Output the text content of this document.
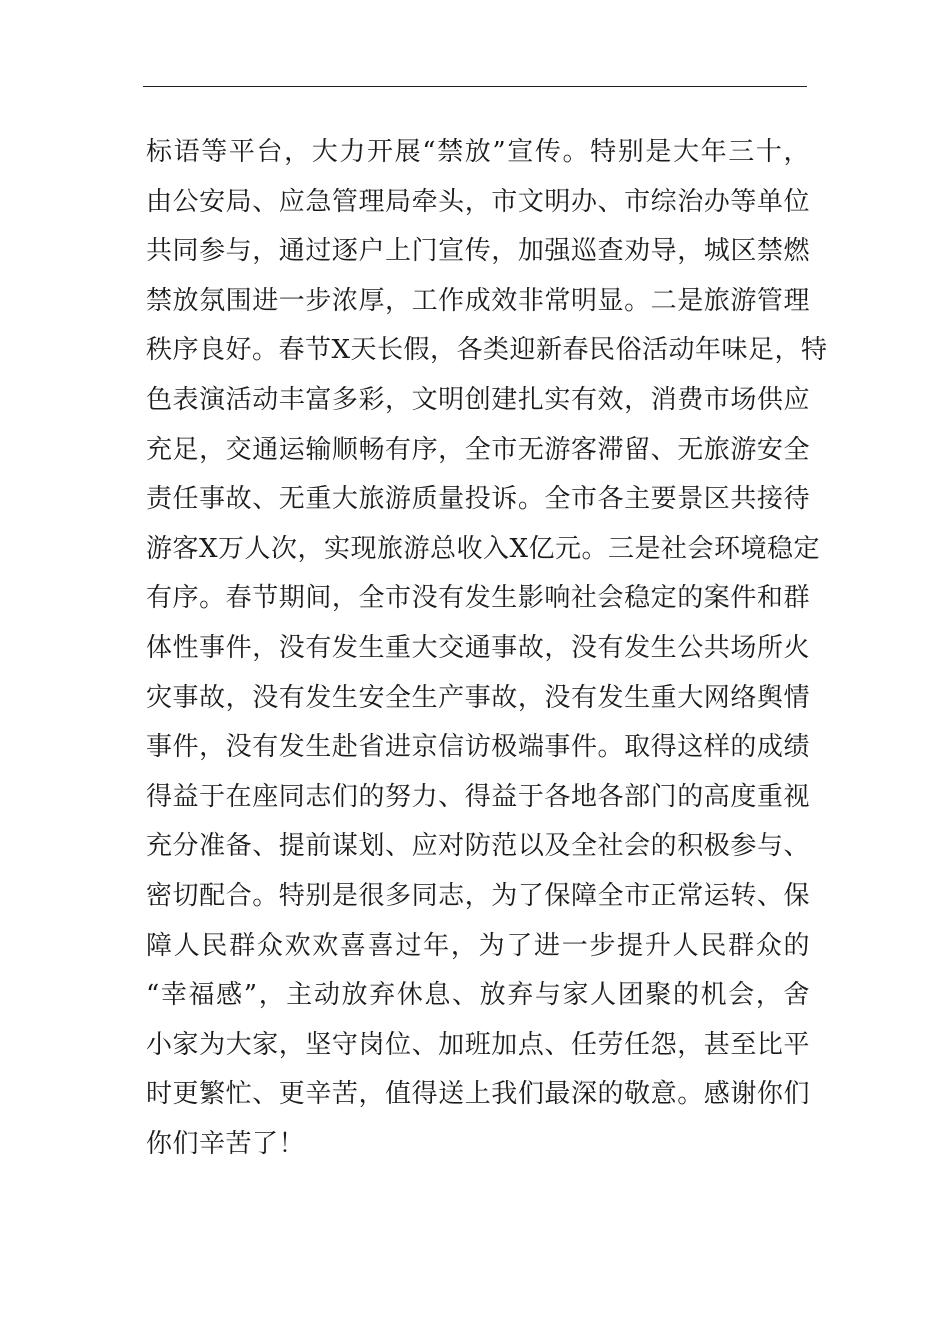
标语等平台，大力开展“禁放”宣传。特别是大年三十，
由公安局、应急管理局牵头，市文明办、市综治办等单位
共同参与，通过逐户上门宣传，加强巡查劝导，城区禁燃
禁放氛围进一步浓厚，工作成效非常明显。二是旅游管理
秩序良好。春节X天长假，各类迎新春民俗活动年味足，特
色表演活动丰富多彩，文明创建扎实有效，消费市场供应
充足，交通运输顺畅有序，全市无游客滞留、无旅游安全
责任事故、无重大旅游质量投诉。全市各主要景区共接待
游客X万人次，实现旅游总收入X亿元。三是社会环境稳定
有序。春节期间，全市没有发生影响社会稳定的案件和群
体性事件，没有发生重大交通事故，没有发生公共场所火
灾事故，没有发生安全生产事故，没有发生重大网络舆情
事件，没有发生赴省进京信访极端事件。取得这样的成绩
得益于在座同志们的努力、得益于各地各部门的高度重视
充分准备、提前谋划、应对防范以及全社会的积极参与、
密切配合。特别是很多同志，为了保障全市正常运转、保
障人民群众欢欢喜喜过年，为了进一步提升人民群众的
“幸福感”，主动放弃休息、放弃与家人团聚的机会，舍
小家为大家，坚守岗位、加班加点、任劳任怨，甚至比平
时更繁忙、更辛苦，值得送上我们最深的敬意。感谢你们
你们辛苦了！
